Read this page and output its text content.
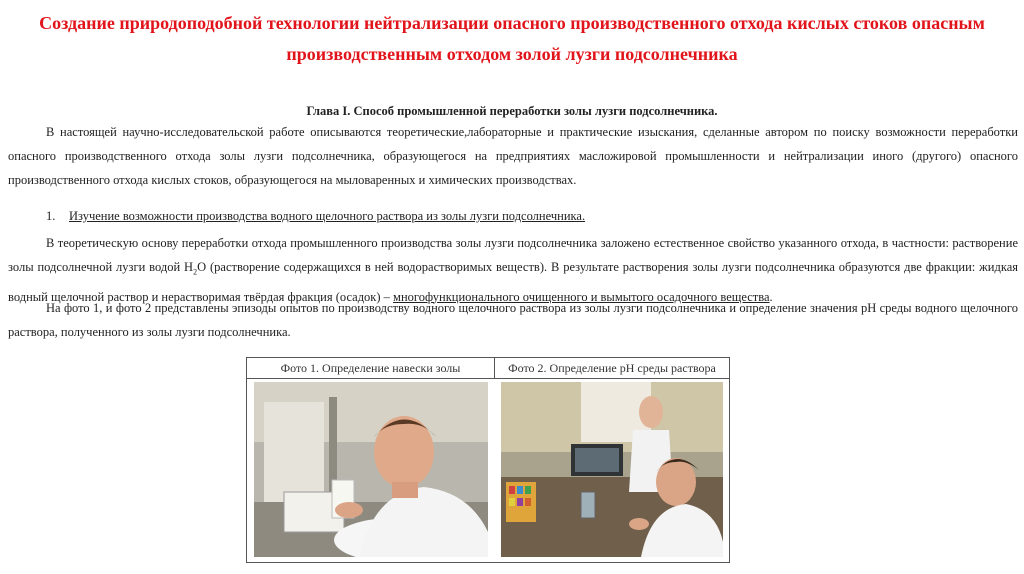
Создание природоподобной технологии нейтрализации опасного производственного отхода кислых стоков опасным производственным отходом золой лузги подсолнечника
Глава I. Способ промышленной переработки золы лузги подсолнечника.
В настоящей научно-исследовательской работе описываются теоретические,лабораторные и практические изыскания, сделанные автором по поиску возможности переработки опасного производственного отхода золы лузги подсолнечника, образующегося на предприятиях масложировой промышленности и нейтрализации иного (другого) опасного производственного отхода кислых стоков, образующегося на мыловаренных и химических производствах.
1. Изучение возможности производства водного щелочного раствора из золы лузги подсолнечника.
В теоретическую основу переработки отхода промышленного производства золы лузги подсолнечника заложено естественное свойство указанного отхода, в частности: растворение золы подсолнечной лузги водой $H_2O$ (растворение содержащихся в ней водорастворимых веществ). В результате растворения золы лузги подсолнечника образуются две фракции: жидкая водный щелочной раствор и нерастворимая твёрдая фракция (осадок) – многофункционального очищенного и вымытого осадочного вещества.
На фото 1, и фото 2 представлены эпизоды опытов по производству водного щелочного раствора из золы лузги подсолнечника и определение значения рН среды водного щелочного раствора, полученного из золы лузги подсолнечника.
Фото 1. Определение навески золы	Фото 2. Определение pH среды раствора
